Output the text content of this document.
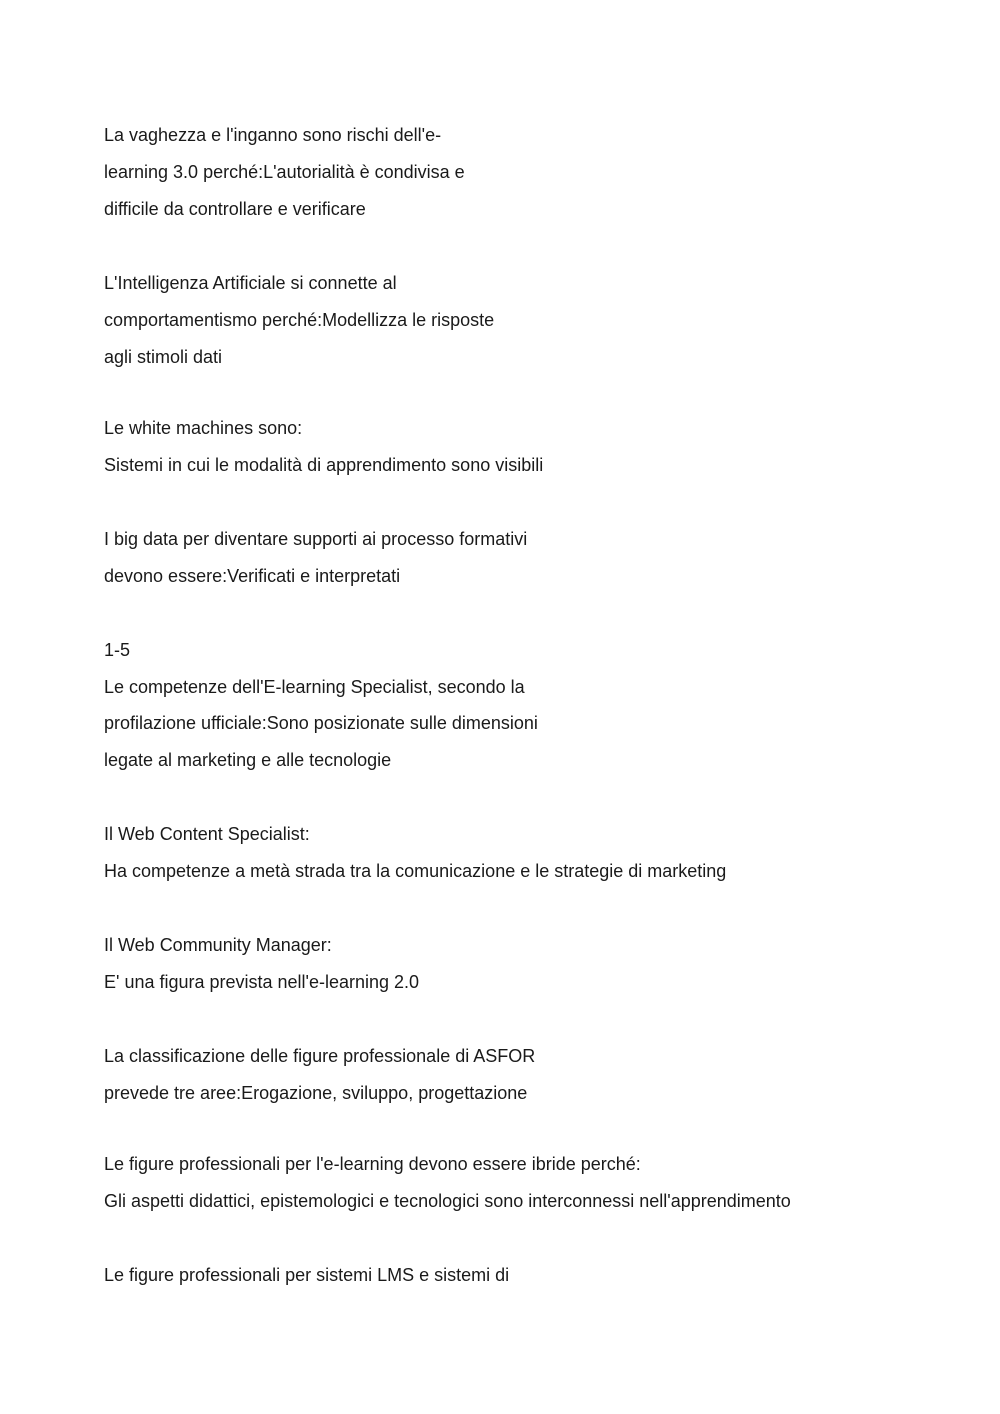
La vaghezza e l'inganno sono rischi dell'e-
learning 3.0 perché:L'autorialità è condivisa e
difficile da controllare e verificare
L'Intelligenza Artificiale si connette al
comportamentismo perché:Modellizza le risposte
agli stimoli dati
Le white machines sono:
Sistemi in cui le modalità di apprendimento sono visibili
I big data per diventare supporti ai processo formativi
devono essere:Verificati e interpretati
1-5
Le competenze dell'E-learning Specialist, secondo la
profilazione ufficiale:Sono posizionate sulle dimensioni
legate al marketing e alle tecnologie
Il Web Content Specialist:
Ha competenze a metà strada tra la comunicazione e le strategie di marketing
Il Web Community Manager:
E' una figura prevista nell'e-learning 2.0
La classificazione delle figure professionale di ASFOR
prevede tre aree:Erogazione, sviluppo, progettazione
Le figure professionali per l'e-learning devono essere ibride perché:
Gli aspetti didattici, epistemologici e tecnologici sono interconnessi nell'apprendimento
Le figure professionali per sistemi LMS e sistemi di
